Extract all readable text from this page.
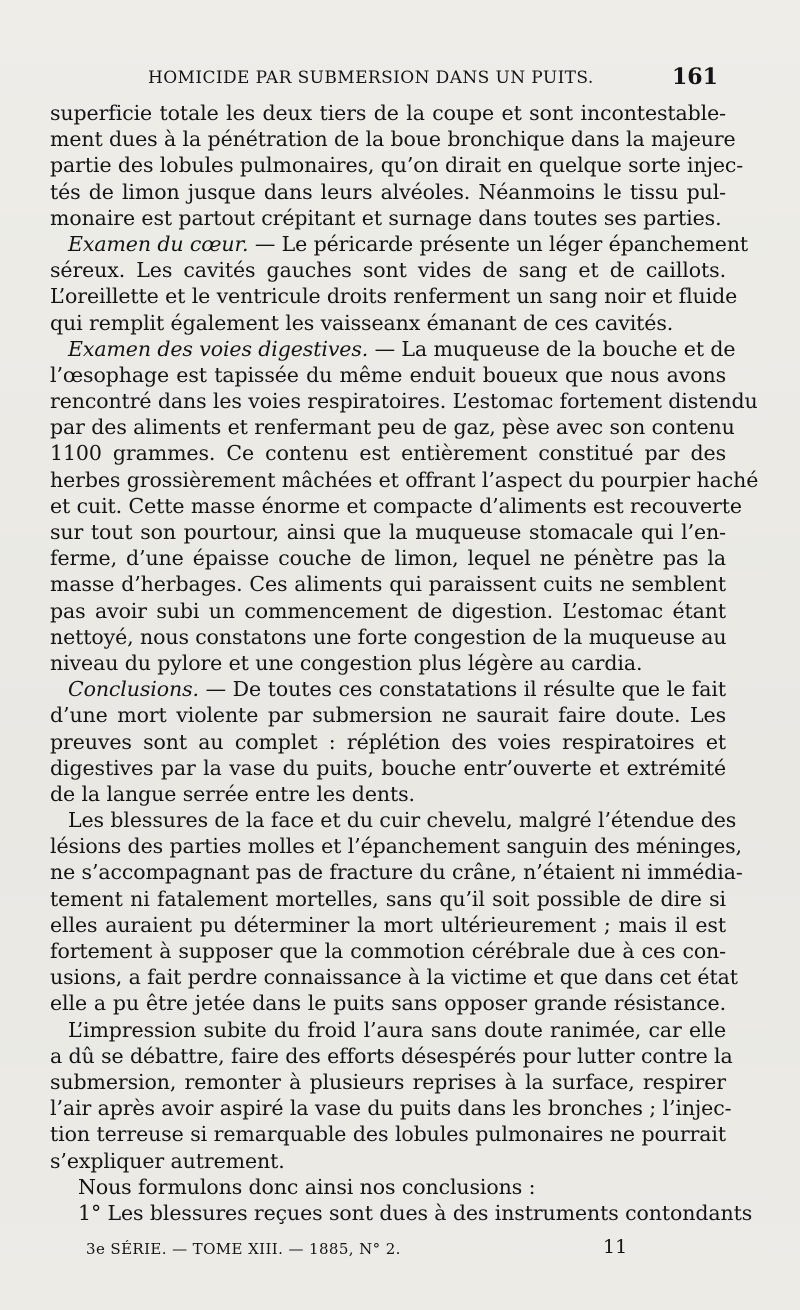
HOMICIDE PAR SUBMERSION DANS UN PUITS.	161
superficie totale les deux tiers de la coupe et sont incontestable-
ment dues à la pénétration de la boue bronchique dans la majeure
partie des lobules pulmonaires, qu’on dirait en quelque sorte injec-
tés de limon jusque dans leurs alvéoles. Néanmoins le tissu pul-
monaire est partout crépitant et surnage dans toutes ses parties.
Examen du cœur. — Le péricarde présente un léger épanchement
séreux. Les cavités gauches sont vides de sang et de caillots.
L’oreillette et le ventricule droits renferment un sang noir et fluide
qui remplit également les vaisseanx émanant de ces cavités.
Examen des voies digestives. — La muqueuse de la bouche et de
l’œsophage est tapissée du même enduit boueux que nous avons
rencontré dans les voies respiratoires. L’estomac fortement distendu
par des aliments et renfermant peu de gaz, pèse avec son contenu
1100 grammes. Ce contenu est entièrement constitué par des
herbes grossièrement mâchées et offrant l’aspect du pourpier haché
et cuit. Cette masse énorme et compacte d’aliments est recouverte
sur tout son pourtour, ainsi que la muqueuse stomacale qui l’en-
ferme, d’une épaisse couche de limon, lequel ne pénètre pas la
masse d’herbages. Ces aliments qui paraissent cuits ne semblent
pas avoir subi un commencement de digestion. L’estomac étant
nettoyé, nous constatons une forte congestion de la muqueuse au
niveau du pylore et une congestion plus légère au cardia.
Conclusions. — De toutes ces constatations il résulte que le fait
d’une mort violente par submersion ne saurait faire doute. Les
preuves sont au complet : réplétion des voies respiratoires et
digestives par la vase du puits, bouche entr’ouverte et extrémité
de la langue serrée entre les dents.
Les blessures de la face et du cuir chevelu, malgré l’étendue des
lésions des parties molles et l’épanchement sanguin des méninges,
ne s’accompagnant pas de fracture du crâne, n’étaient ni immédia-
tement ni fatalement mortelles, sans qu’il soit possible de dire si
elles auraient pu déterminer la mort ultérieurement ; mais il est
fortement à supposer que la commotion cérébrale due à ces con-
usions, a fait perdre connaissance à la victime et que dans cet état
elle a pu être jetée dans le puits sans opposer grande résistance.
L’impression subite du froid l’aura sans doute ranimée, car elle
a dû se débattre, faire des efforts désespérés pour lutter contre la
submersion, remonter à plusieurs reprises à la surface, respirer
l’air après avoir aspiré la vase du puits dans les bronches ; l’injec-
tion terreuse si remarquable des lobules pulmonaires ne pourrait
s’expliquer autrement.
Nous formulons donc ainsi nos conclusions :
1° Les blessures reçues sont dues à des instruments contondants
3e SÉRIE. — TOME XIII. — 1885, N° 2.	11
